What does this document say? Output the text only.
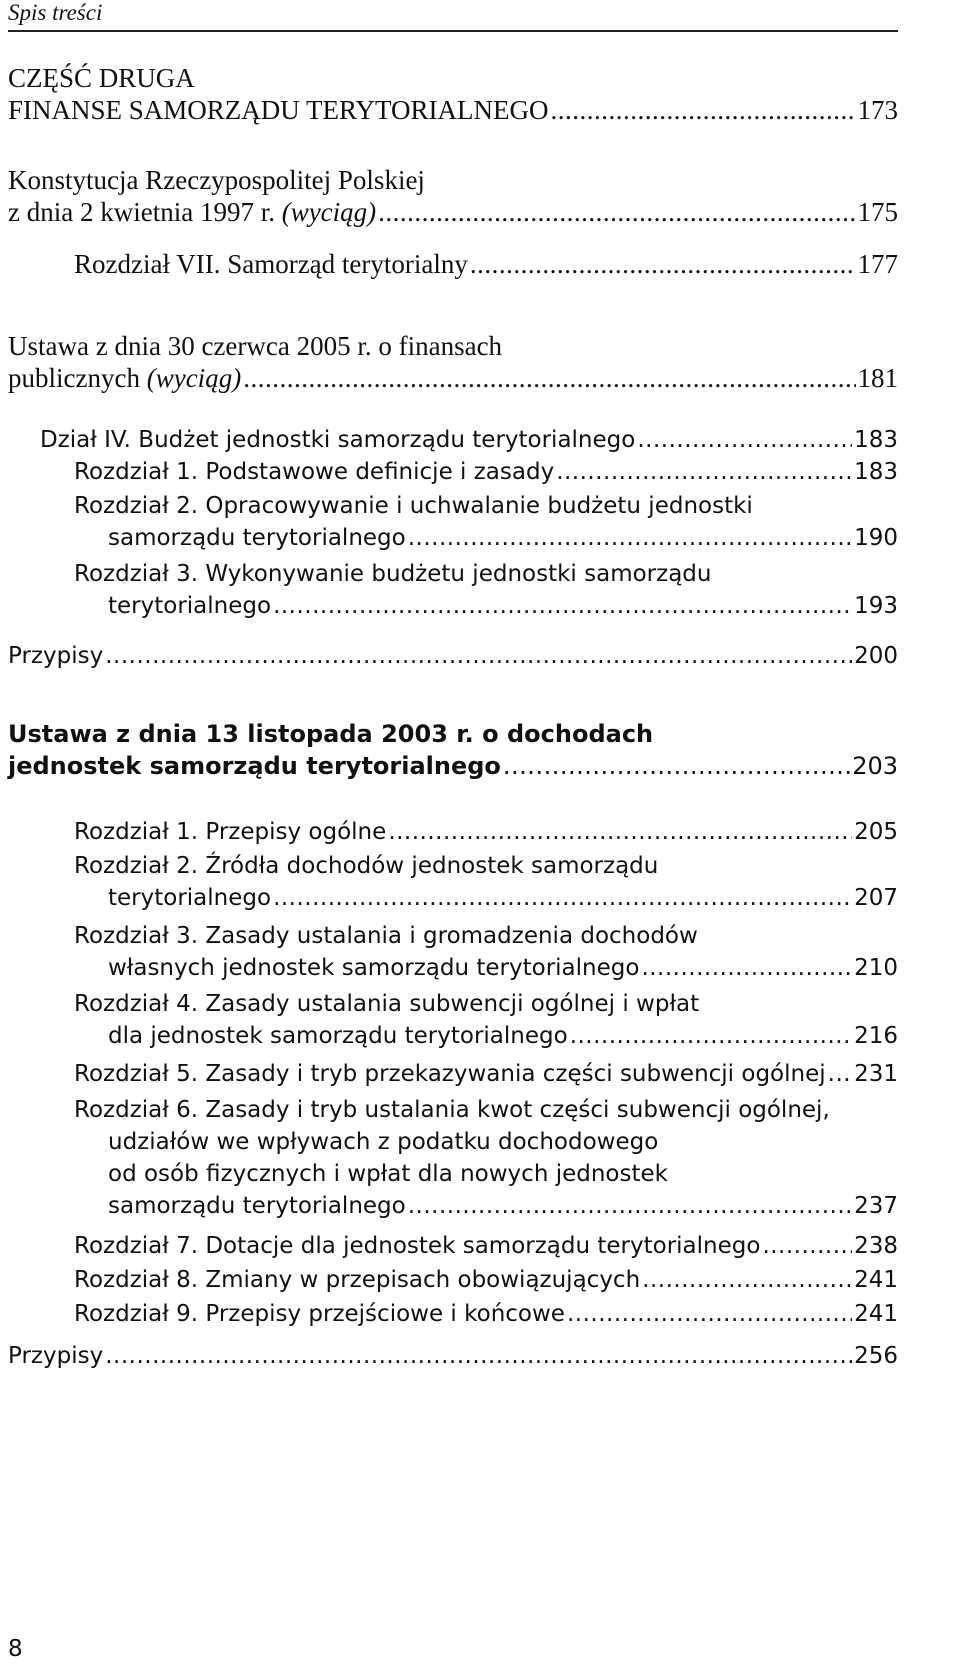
Spis treści
CZĘŚĆ DRUGA
FINANSE SAMORZĄDU TERYTORIALNEGO .....	173
Konstytucja Rzeczypospolitej Polskiej
z dnia 2 kwietnia 1997 r. (wyciąg) .....	175
Rozdział VII. Samorząd terytorialny .....	177
Ustawa z dnia 30 czerwca 2005 r. o finansach
publicznych (wyciąg) .....	181
Dział IV. Budżet jednostki samorządu terytorialnego .....	183
Rozdział 1. Podstawowe definicje i zasady .....	183
Rozdział 2. Opracowywanie i uchwalanie budżetu jednostki
samorządu terytorialnego .....	190
Rozdział 3. Wykonywanie budżetu jednostki samorządu
terytorialnego .....	193
Przypisy .....	200
Ustawa z dnia 13 listopada 2003 r. o dochodach
jednostek samorządu terytorialnego .....	203
Rozdział 1. Przepisy ogólne .....	205
Rozdział 2. Źródła dochodów jednostek samorządu
terytorialnego .....	207
Rozdział 3. Zasady ustalania i gromadzenia dochodów
własnych jednostek samorządu terytorialnego .....	210
Rozdział 4. Zasady ustalania subwencji ogólnej i wpłat
dla jednostek samorządu terytorialnego .....	216
Rozdział 5. Zasady i tryb przekazywania części subwencji ogólnej ..... 231
Rozdział 6. Zasady i tryb ustalania kwot części subwencji ogólnej,
udziałów we wpływach z podatku dochodowego
od osób fizycznych i wpłat dla nowych jednostek
samorządu terytorialnego .....	237
Rozdział 7. Dotacje dla jednostek samorządu terytorialnego .....	238
Rozdział 8. Zmiany w przepisach obowiązujących .....	241
Rozdział 9. Przepisy przejściowe i końcowe .....	241
Przypisy .....	256
8
